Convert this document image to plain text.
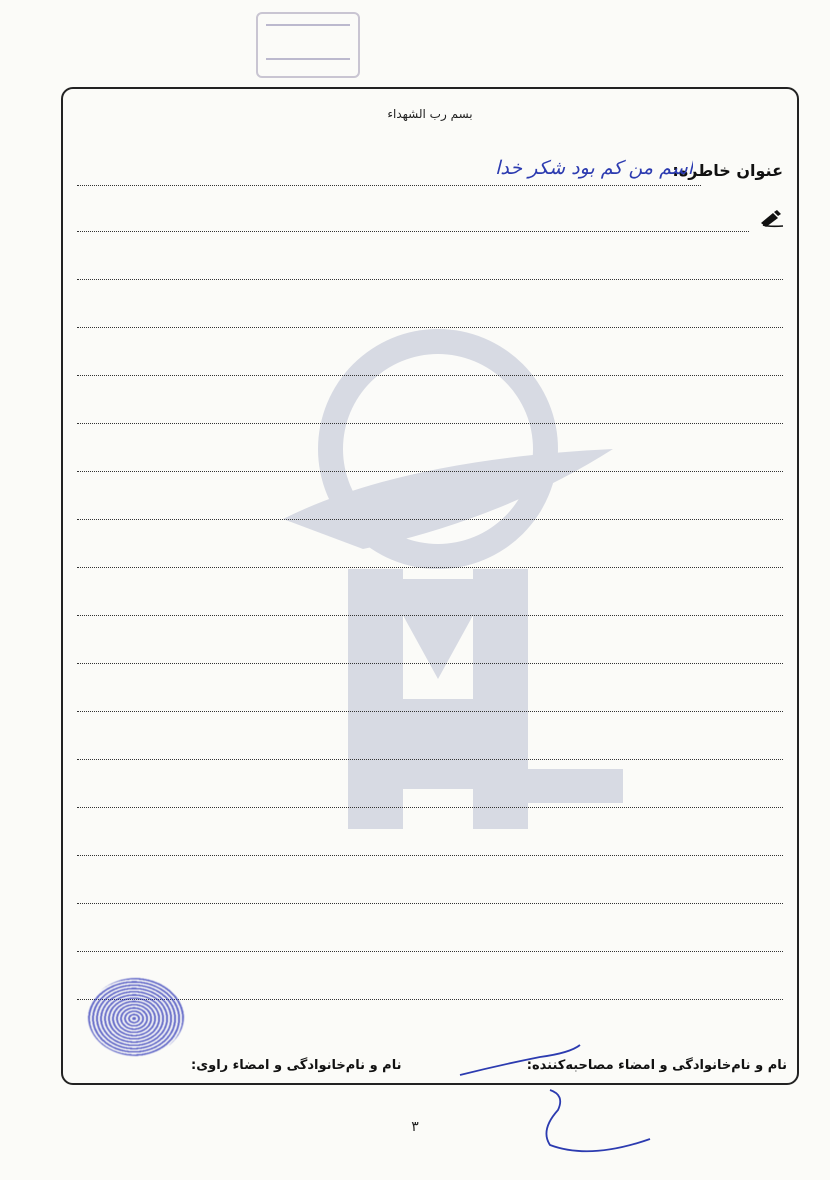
بسم رب الشهداء
عنوان خاطره:
اسم من کم بود شکر خدا
نام و نام‌خانوادگی و امضاء مصاحبه‌کننده:
نام و نام‌خانوادگی و امضاء راوی:
۳
